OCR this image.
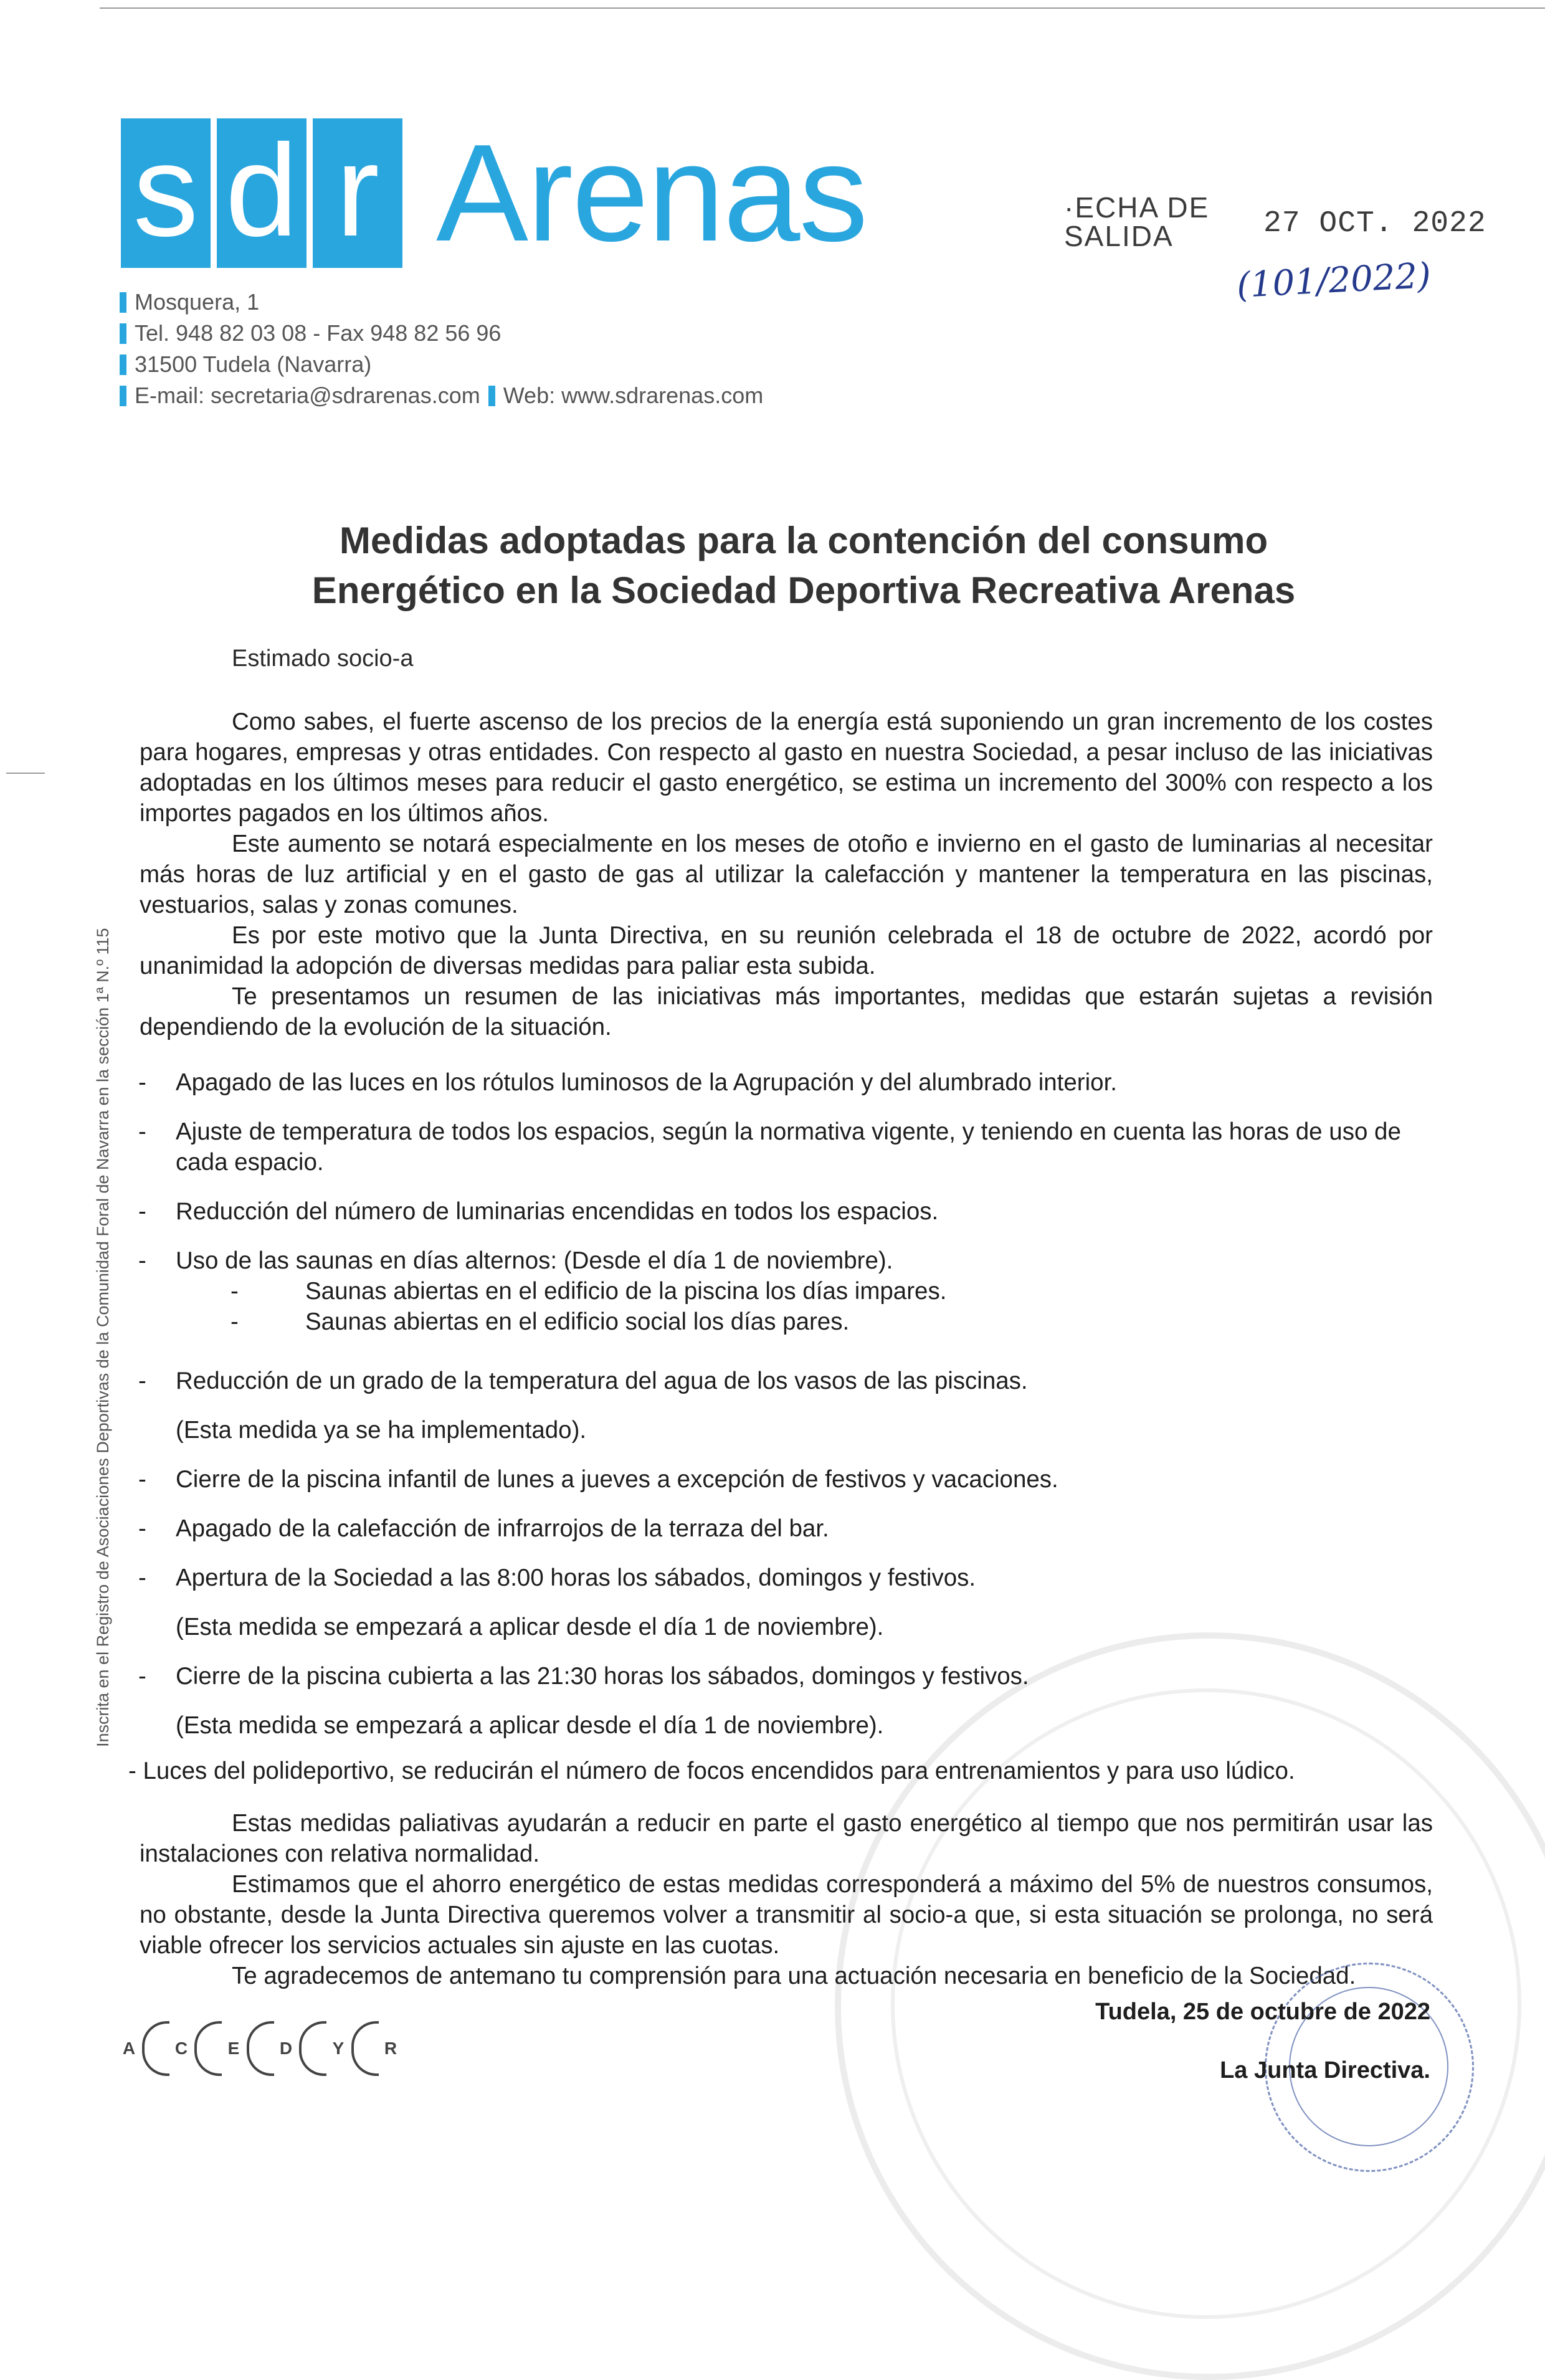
s d r Arenas
Mosquera, 1
Tel. 948 82 03 08 - Fax 948 82 56 96
31500 Tudela (Navarra)
E-mail: secretaria@sdrarenas.com Web: www.sdrarenas.com
·ECHA DE
SALIDA	27 OCT. 2022
(101/2022)
Inscrita en el Registro de Asociaciones Deportivas de la Comunidad Foral de Navarra en la sección 1ª N.º 115
Medidas adoptadas para la contención del consumo
Energético en la Sociedad Deportiva Recreativa Arenas
Estimado socio-a

Como sabes, el fuerte ascenso de los precios de la energía está suponiendo un gran incremento de los costes para hogares, empresas y otras entidades. Con respecto al gasto en nuestra Sociedad, a pesar incluso de las iniciativas adoptadas en los últimos meses para reducir el gasto energético, se estima un incremento del 300% con respecto a los importes pagados en los últimos años.

Este aumento se notará especialmente en los meses de otoño e invierno en el gasto de luminarias al necesitar más horas de luz artificial y en el gasto de gas al utilizar la calefacción y mantener la temperatura en las piscinas, vestuarios, salas y zonas comunes.

Es por este motivo que la Junta Directiva, en su reunión celebrada el 18 de octubre de 2022, acordó por unanimidad la adopción de diversas medidas para paliar esta subida.

Te presentamos un resumen de las iniciativas más importantes, medidas que estarán sujetas a revisión dependiendo de la evolución de la situación.

-	Apagado de las luces en los rótulos luminosos de la Agrupación y del alumbrado interior.
-	Ajuste de temperatura de todos los espacios, según la normativa vigente, y teniendo en cuenta las horas de uso de cada espacio.
-	Reducción del número de luminarias encendidas en todos los espacios.
-	Uso de las saunas en días alternos: (Desde el día 1 de noviembre).
-	Saunas abiertas en el edificio de la piscina los días impares.
-	Saunas abiertas en el edificio social los días pares.
-	Reducción de un grado de la temperatura del agua de los vasos de las piscinas.
(Esta medida ya se ha implementado).
-	Cierre de la piscina infantil de lunes a jueves a excepción de festivos y vacaciones.
-	Apagado de la calefacción de infrarrojos de la terraza del bar.
-	Apertura de la Sociedad a las 8:00 horas los sábados, domingos y festivos.
(Esta medida se empezará a aplicar desde el día 1 de noviembre).
-	Cierre de la piscina cubierta a las 21:30 horas los sábados, domingos y festivos.
(Esta medida se empezará a aplicar desde el día 1 de noviembre).
- Luces del polideportivo, se reducirán el número de focos encendidos para entrenamientos y para uso lúdico.

Estas medidas paliativas ayudarán a reducir en parte el gasto energético al tiempo que nos permitirán usar las instalaciones con relativa normalidad.

Estimamos que el ahorro energético de estas medidas corresponderá a máximo del 5% de nuestros consumos, no obstante, desde la Junta Directiva queremos volver a transmitir al socio-a que, si esta situación se prolonga, no será viable ofrecer los servicios actuales sin ajuste en las cuotas.

Te agradecemos de antemano tu comprensión para una actuación necesaria en beneficio de la Sociedad.

A C E D Y R
Tudela, 25 de octubre de 2022
La Junta Directiva.
